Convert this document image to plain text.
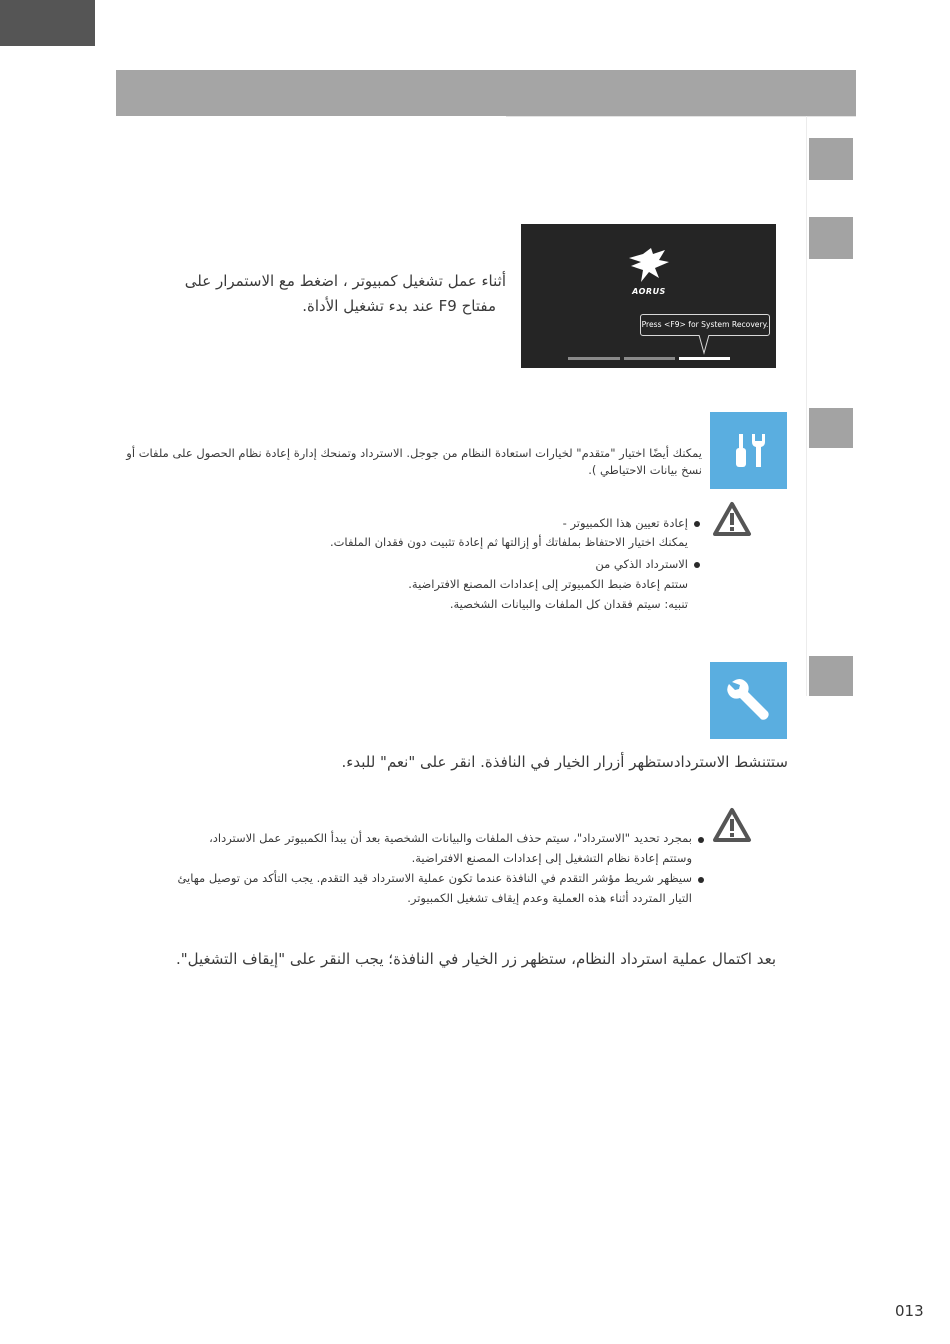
AORUS
Press <F9> for System Recovery.
أثناء عمل تشغيل كمبيوتر ، اضغط مع الاستمرار على
مفتاح F9 عند بدء تشغيل الأداة.
يمكنك أيضًا اختيار "متقدم" لخيارات استعادة النظام من جوجل. الاسترداد وتمنحك إدارة إعادة نظام الحصول على ملفات أو
نسخ بيانات الاحتياطي ).
إعادة تعيين هذا الكمبيوتر -
يمكنك اختيار الاحتفاظ بملفاتك أو إزالتها ثم إعادة تثبيت دون فقدان الملفات.
الاسترداد الذكي من
ستتم إعادة ضبط الكمبيوتر إلى إعدادات المصنع الافتراضية.
تنبيه: سيتم فقدان كل الملفات والبيانات الشخصية.
ستتنشط الاستردادستظهر أزرار الخيار في النافذة. انقر على "نعم" للبدء.
بمجرد تحديد "الاسترداد"، سيتم حذف الملفات والبيانات الشخصية بعد أن يبدأ الكمبيوتر عمل الاسترداد،
وستتم إعادة نظام التشغيل إلى إعدادات المصنع الافتراضية.
سيظهر شريط مؤشر التقدم في النافذة عندما تكون عملية الاسترداد قيد التقدم. يجب التأكد من توصيل مهايئ
التيار المتردد أثناء هذه العملية وعدم إيقاف تشغيل الكمبيوتر.
بعد اكتمال عملية استرداد النظام، ستظهر زر الخيار في النافذة؛ يجب النقر على "إيقاف التشغيل".
013
